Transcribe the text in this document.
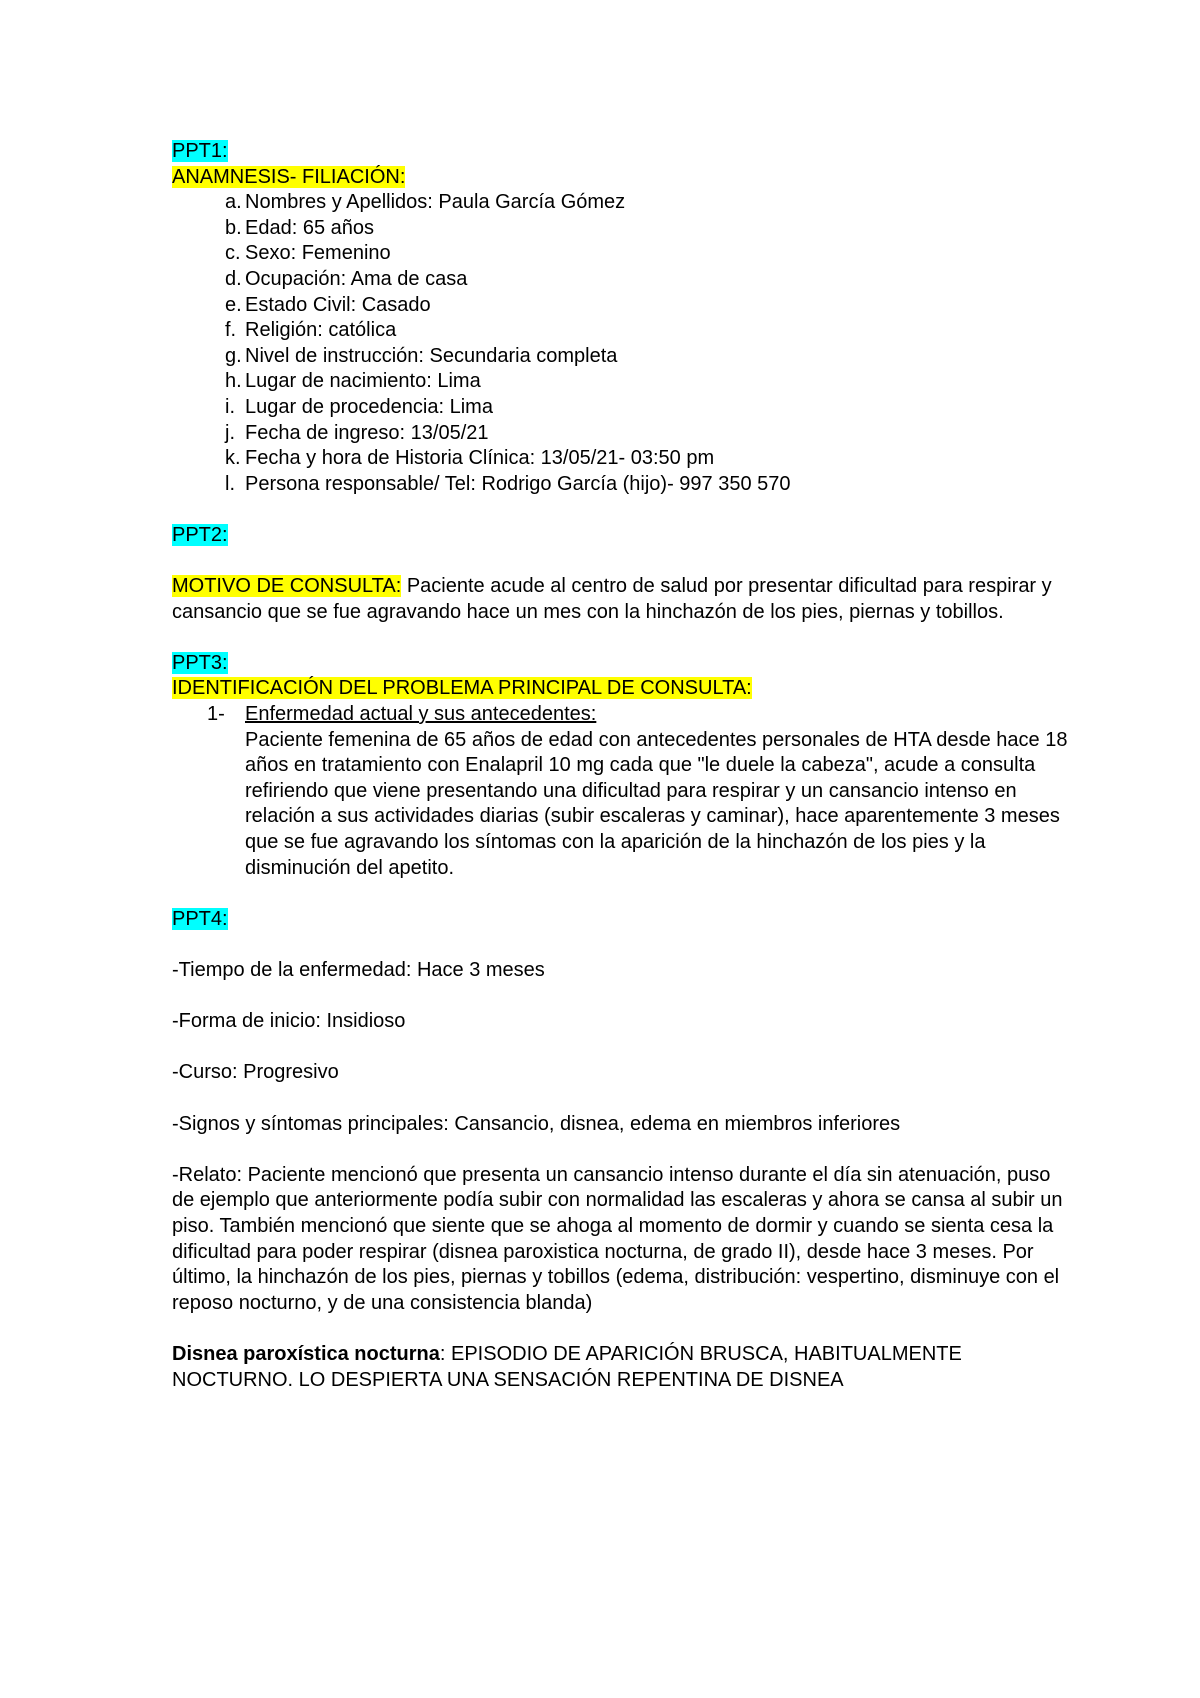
PPT1:

ANAMNESIS- FILIACIÓN:

a. Nombres y Apellidos: Paula García Gómez
b. Edad: 65 años
c. Sexo: Femenino
d. Ocupación: Ama de casa
e. Estado Civil: Casado
f. Religión: católica
g. Nivel de instrucción: Secundaria completa
h. Lugar de nacimiento: Lima
i. Lugar de procedencia: Lima
j. Fecha de ingreso: 13/05/21
k. Fecha y hora de Historia Clínica: 13/05/21- 03:50 pm
l. Persona responsable/ Tel: Rodrigo García (hijo)- 997 350 570

PPT2:

MOTIVO DE CONSULTA: Paciente acude al centro de salud por presentar dificultad para respirar y cansancio que se fue agravando hace un mes con la hinchazón de los pies, piernas y tobillos.

PPT3:

IDENTIFICACIÓN DEL PROBLEMA PRINCIPAL DE CONSULTA:

1-	Enfermedad actual y sus antecedentes:

Paciente femenina de 65 años de edad con antecedentes personales de HTA desde hace 18 años en tratamiento con Enalapril 10 mg cada que "le duele la cabeza", acude a consulta refiriendo que viene presentando una dificultad para respirar y un cansancio intenso en relación a sus actividades diarias (subir escaleras y caminar), hace aparentemente 3 meses que se fue agravando los síntomas con la aparición de la hinchazón de los pies y la disminución del apetito.

PPT4:

-Tiempo de la enfermedad: Hace 3 meses

-Forma de inicio: Insidioso

-Curso: Progresivo

-Signos y síntomas principales: Cansancio, disnea, edema en miembros inferiores

-Relato: Paciente mencionó que presenta un cansancio intenso durante el día sin atenuación, puso de ejemplo que anteriormente podía subir con normalidad las escaleras y ahora se cansa al subir un piso. También mencionó que siente que se ahoga al momento de dormir y cuando se sienta cesa la dificultad para poder respirar (disnea paroxistica nocturna, de grado II), desde hace 3 meses. Por último, la hinchazón de los pies, piernas y tobillos (edema, distribución: vespertino, disminuye con el reposo nocturno, y de una consistencia blanda)

Disnea paroxística nocturna: EPISODIO DE APARICIÓN BRUSCA, HABITUALMENTE NOCTURNO. LO DESPIERTA UNA SENSACIÓN REPENTINA DE DISNEA
